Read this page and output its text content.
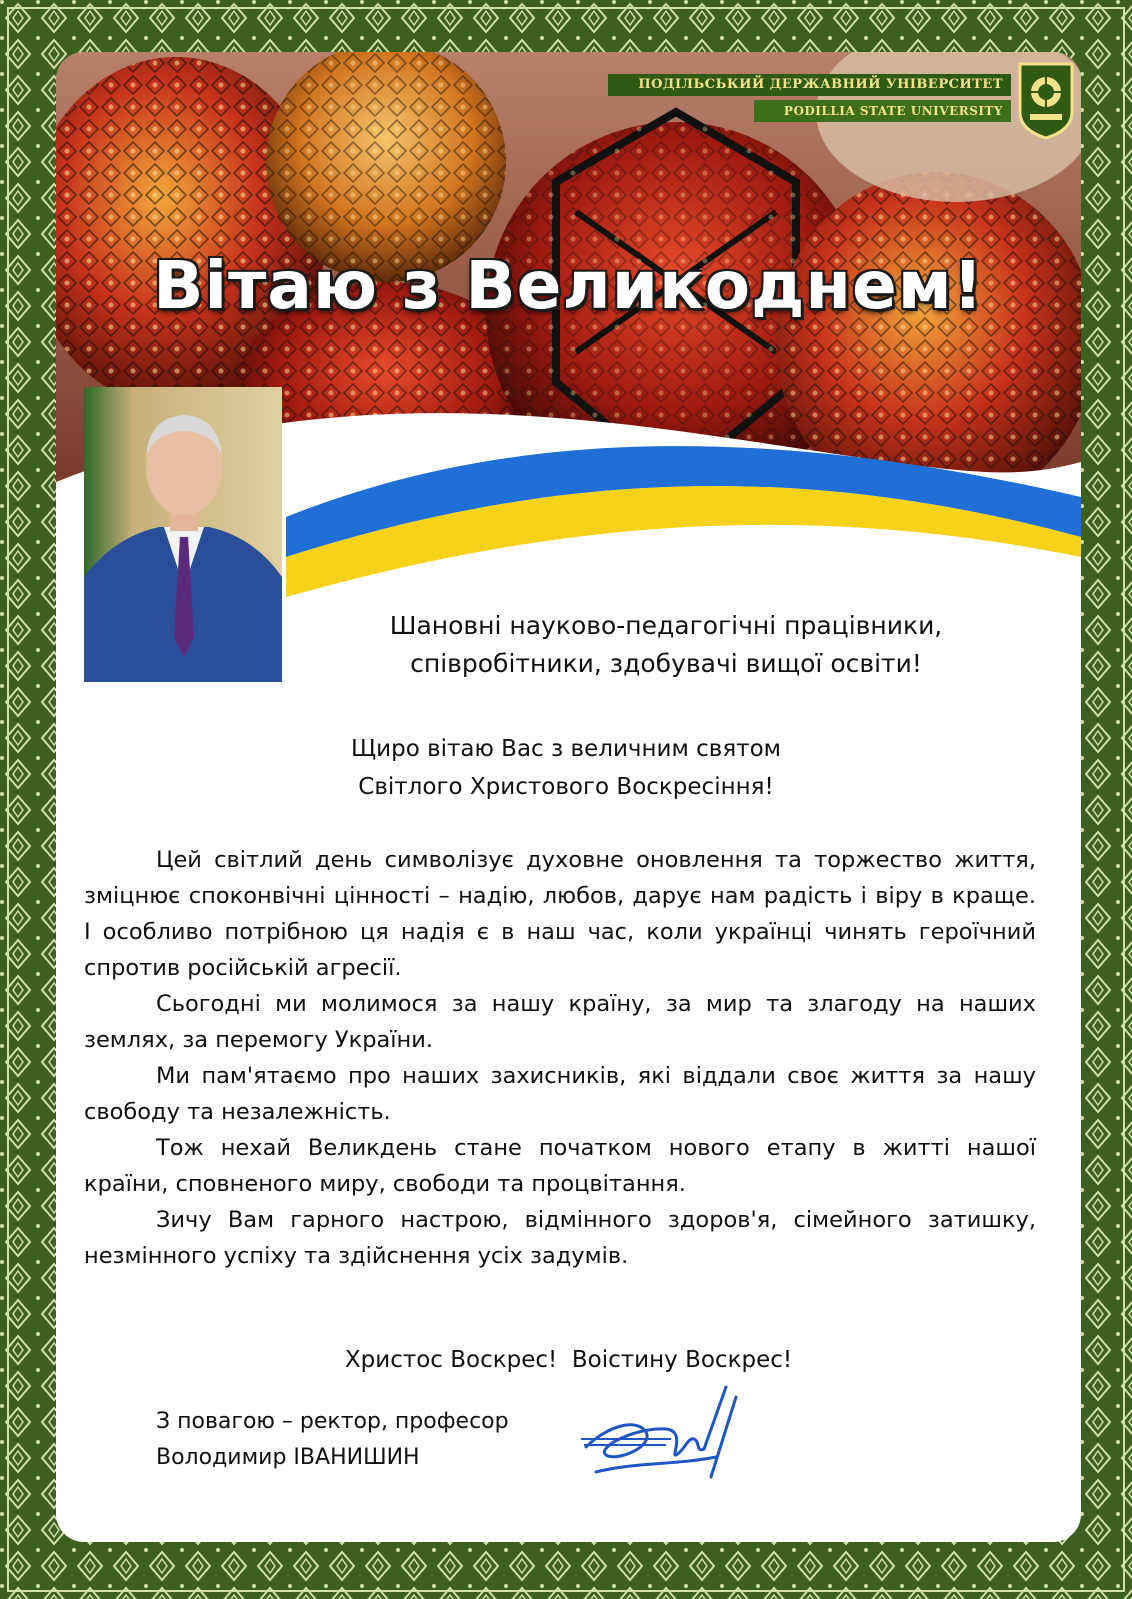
ПОДІЛЬСЬКИЙ ДЕРЖАВНИЙ УНІВЕРСИТЕТ
PODILLIA STATE UNIVERSITY
Вітаю з Великоднем!
Шановні науково-педагогічні працівники,
співробітники, здобувачі вищої освіти!
Щиро вітаю Вас з величним святом
Світлого Христового Воскресіння!

Цей світлий день символізує духовне оновлення та торжество життя, зміцнює споконвічні цінності – надію, любов, дарує нам радість і віру в краще. І особливо потрібною ця надія є в наш час, коли українці чинять героїчний спротив російській агресії.

Сьогодні ми молимося за нашу країну, за мир та злагоду на наших землях, за перемогу України.

Ми пам'ятаємо про наших захисників, які віддали своє життя за нашу свободу та незалежність.

Тож нехай Великдень стане початком нового етапу в житті нашої країни, сповненого миру, свободи та процвітання.

Зичу Вам гарного настрою, відмінного здоров'я, сімейного затишку, незмінного успіху та здійснення усіх задумів.

Христос Воскрес!  Воістину Воскрес!
З повагою – ректор, професор
Володимир ІВАНИШИН
